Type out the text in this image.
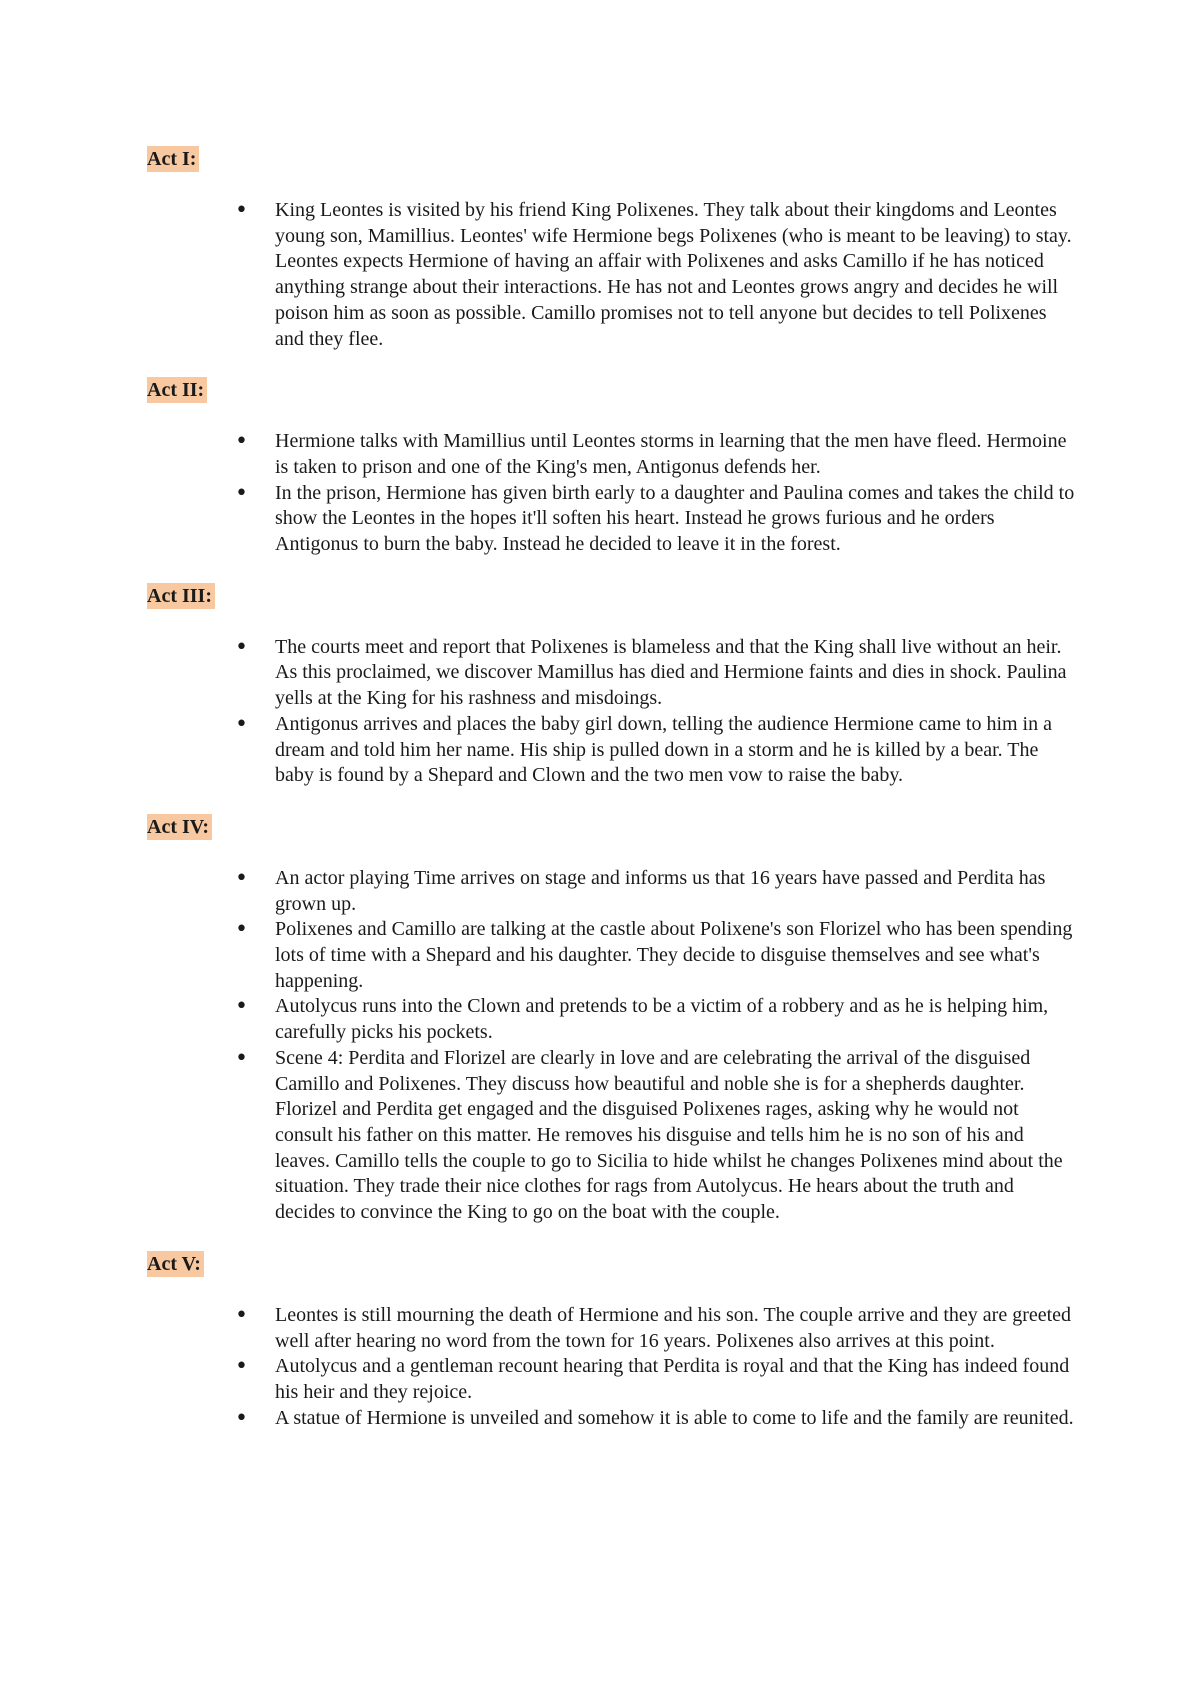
Act I:
• King Leontes is visited by his friend King Polixenes. They talk about their kingdoms and Leontes young son, Mamillius. Leontes' wife Hermione begs Polixenes (who is meant to be leaving) to stay. Leontes expects Hermione of having an affair with Polixenes and asks Camillo if he has noticed anything strange about their interactions. He has not and Leontes grows angry and decides he will poison him as soon as possible. Camillo promises not to tell anyone but decides to tell Polixenes and they flee.
Act II:
• Hermione talks with Mamillius until Leontes storms in learning that the men have fleed. Hermoine is taken to prison and one of the King's men, Antigonus defends her.
• In the prison, Hermione has given birth early to a daughter and Paulina comes and takes the child to show the Leontes in the hopes it'll soften his heart. Instead he grows furious and he orders Antigonus to burn the baby. Instead he decided to leave it in the forest.
Act III:
• The courts meet and report that Polixenes is blameless and that the King shall live without an heir. As this proclaimed, we discover Mamillus has died and Hermione faints and dies in shock. Paulina yells at the King for his rashness and misdoings.
• Antigonus arrives and places the baby girl down, telling the audience Hermione came to him in a dream and told him her name. His ship is pulled down in a storm and he is killed by a bear. The baby is found by a Shepard and Clown and the two men vow to raise the baby.
Act IV:
• An actor playing Time arrives on stage and informs us that 16 years have passed and Perdita has grown up.
• Polixenes and Camillo are talking at the castle about Polixene's son Florizel who has been spending lots of time with a Shepard and his daughter. They decide to disguise themselves and see what's happening.
• Autolycus runs into the Clown and pretends to be a victim of a robbery and as he is helping him, carefully picks his pockets.
• Scene 4: Perdita and Florizel are clearly in love and are celebrating the arrival of the disguised Camillo and Polixenes. They discuss how beautiful and noble she is for a shepherds daughter. Florizel and Perdita get engaged and the disguised Polixenes rages, asking why he would not consult his father on this matter. He removes his disguise and tells him he is no son of his and leaves. Camillo tells the couple to go to Sicilia to hide whilst he changes Polixenes mind about the situation. They trade their nice clothes for rags from Autolycus. He hears about the truth and decides to convince the King to go on the boat with the couple.
Act V:
• Leontes is still mourning the death of Hermione and his son. The couple arrive and they are greeted well after hearing no word from the town for 16 years. Polixenes also arrives at this point.
• Autolycus and a gentleman recount hearing that Perdita is royal and that the King has indeed found his heir and they rejoice.
• A statue of Hermione is unveiled and somehow it is able to come to life and the family are reunited.
